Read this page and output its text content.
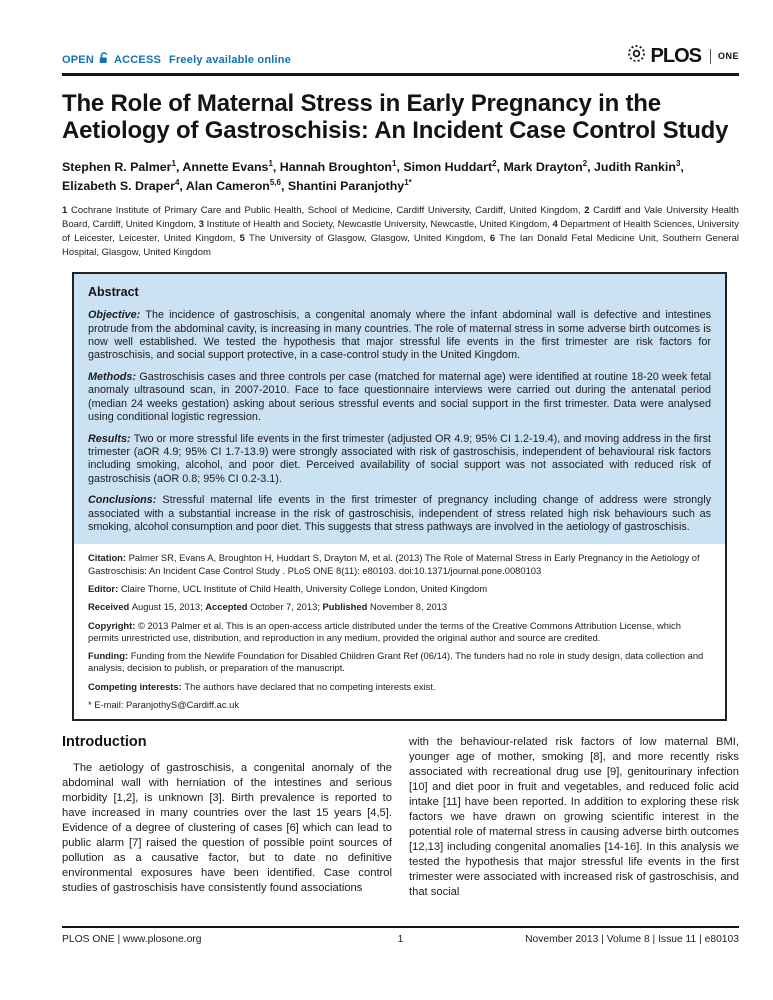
OPEN ACCESS Freely available online	PLOS ONE
The Role of Maternal Stress in Early Pregnancy in the Aetiology of Gastroschisis: An Incident Case Control Study
Stephen R. Palmer$^1$, Annette Evans$^1$, Hannah Broughton$^1$, Simon Huddart$^2$, Mark Drayton$^2$, Judith Rankin$^3$, Elizabeth S. Draper$^4$, Alan Cameron$^{5,6}$, Shantini Paranjothy$^{1*}$
1 Cochrane Institute of Primary Care and Public Health, School of Medicine, Cardiff University, Cardiff, United Kingdom, 2 Cardiff and Vale University Health Board, Cardiff, United Kingdom, 3 Institute of Health and Society, Newcastle University, Newcastle, United Kingdom, 4 Department of Health Sciences, University of Leicester, Leicester, United Kingdom, 5 The University of Glasgow, Glasgow, United Kingdom, 6 The Ian Donald Fetal Medicine Unit, Southern General Hospital, Glasgow, United Kingdom
Abstract

Objective: The incidence of gastroschisis, a congenital anomaly where the infant abdominal wall is defective and intestines protrude from the abdominal cavity, is increasing in many countries. The role of maternal stress in some adverse birth outcomes is now well established. We tested the hypothesis that major stressful life events in the first trimester are risk factors for gastroschisis, and social support protective, in a case-control study in the United Kingdom.

Methods: Gastroschisis cases and three controls per case (matched for maternal age) were identified at routine 18-20 week fetal anomaly ultrasound scan, in 2007-2010. Face to face questionnaire interviews were carried out during the antenatal period (median 24 weeks gestation) asking about serious stressful events and social support in the first trimester. Data were analysed using conditional logistic regression.

Results: Two or more stressful life events in the first trimester (adjusted OR 4.9; 95% CI 1.2-19.4), and moving address in the first trimester (aOR 4.9; 95% CI 1.7-13.9) were strongly associated with risk of gastroschisis, independent of behavioural risk factors including smoking, alcohol, and poor diet. Perceived availability of social support was not associated with reduced risk of gastroschisis (aOR 0.8; 95% CI 0.2-3.1).

Conclusions: Stressful maternal life events in the first trimester of pregnancy including change of address were strongly associated with a substantial increase in the risk of gastroschisis, independent of stress related high risk behaviours such as smoking, alcohol consumption and poor diet. This suggests that stress pathways are involved in the aetiology of gastroschisis.

Citation: Palmer SR, Evans A, Broughton H, Huddart S, Drayton M, et al. (2013) The Role of Maternal Stress in Early Pregnancy in the Aetiology of Gastroschisis: An Incident Case Control Study . PLoS ONE 8(11): e80103. doi:10.1371/journal.pone.0080103

Editor: Claire Thorne, UCL Institute of Child Health, University College London, United Kingdom

Received August 15, 2013; Accepted October 7, 2013; Published November 8, 2013

Copyright: © 2013 Palmer et al. This is an open-access article distributed under the terms of the Creative Commons Attribution License, which permits unrestricted use, distribution, and reproduction in any medium, provided the original author and source are credited.

Funding: Funding from the Newlife Foundation for Disabled Children Grant Ref (06/14). The funders had no role in study design, data collection and analysis, decision to publish, or preparation of the manuscript.

Competing interests: The authors have declared that no competing interests exist.

* E-mail: ParanjothyS@Cardiff.ac.uk

Introduction

The aetiology of gastroschisis, a congenital anomaly of the abdominal wall with herniation of the intestines and serious morbidity [1,2], is unknown [3]. Birth prevalence is reported to have increased in many countries over the last 15 years [4,5]. Evidence of a degree of clustering of cases [6] which can lead to public alarm [7] raised the question of possible point sources of pollution as a causative factor, but to date no definitive environmental exposures have been identified. Case control studies of gastroschisis have consistently found associations

with the behaviour-related risk factors of low maternal BMI, younger age of mother, smoking [8], and more recently risks associated with recreational drug use [9], genitourinary infection [10] and diet poor in fruit and vegetables, and reduced folic acid intake [11] have been reported. In addition to exploring these risk factors we have drawn on growing scientific interest in the potential role of maternal stress in causing adverse birth outcomes [12,13] including congenital anomalies [14-16]. In this analysis we tested the hypothesis that major stressful life events in the first trimester were associated with increased risk of gastroschisis, and that social

PLOS ONE | www.plosone.org	1	November 2013 | Volume 8 | Issue 11 | e80103
